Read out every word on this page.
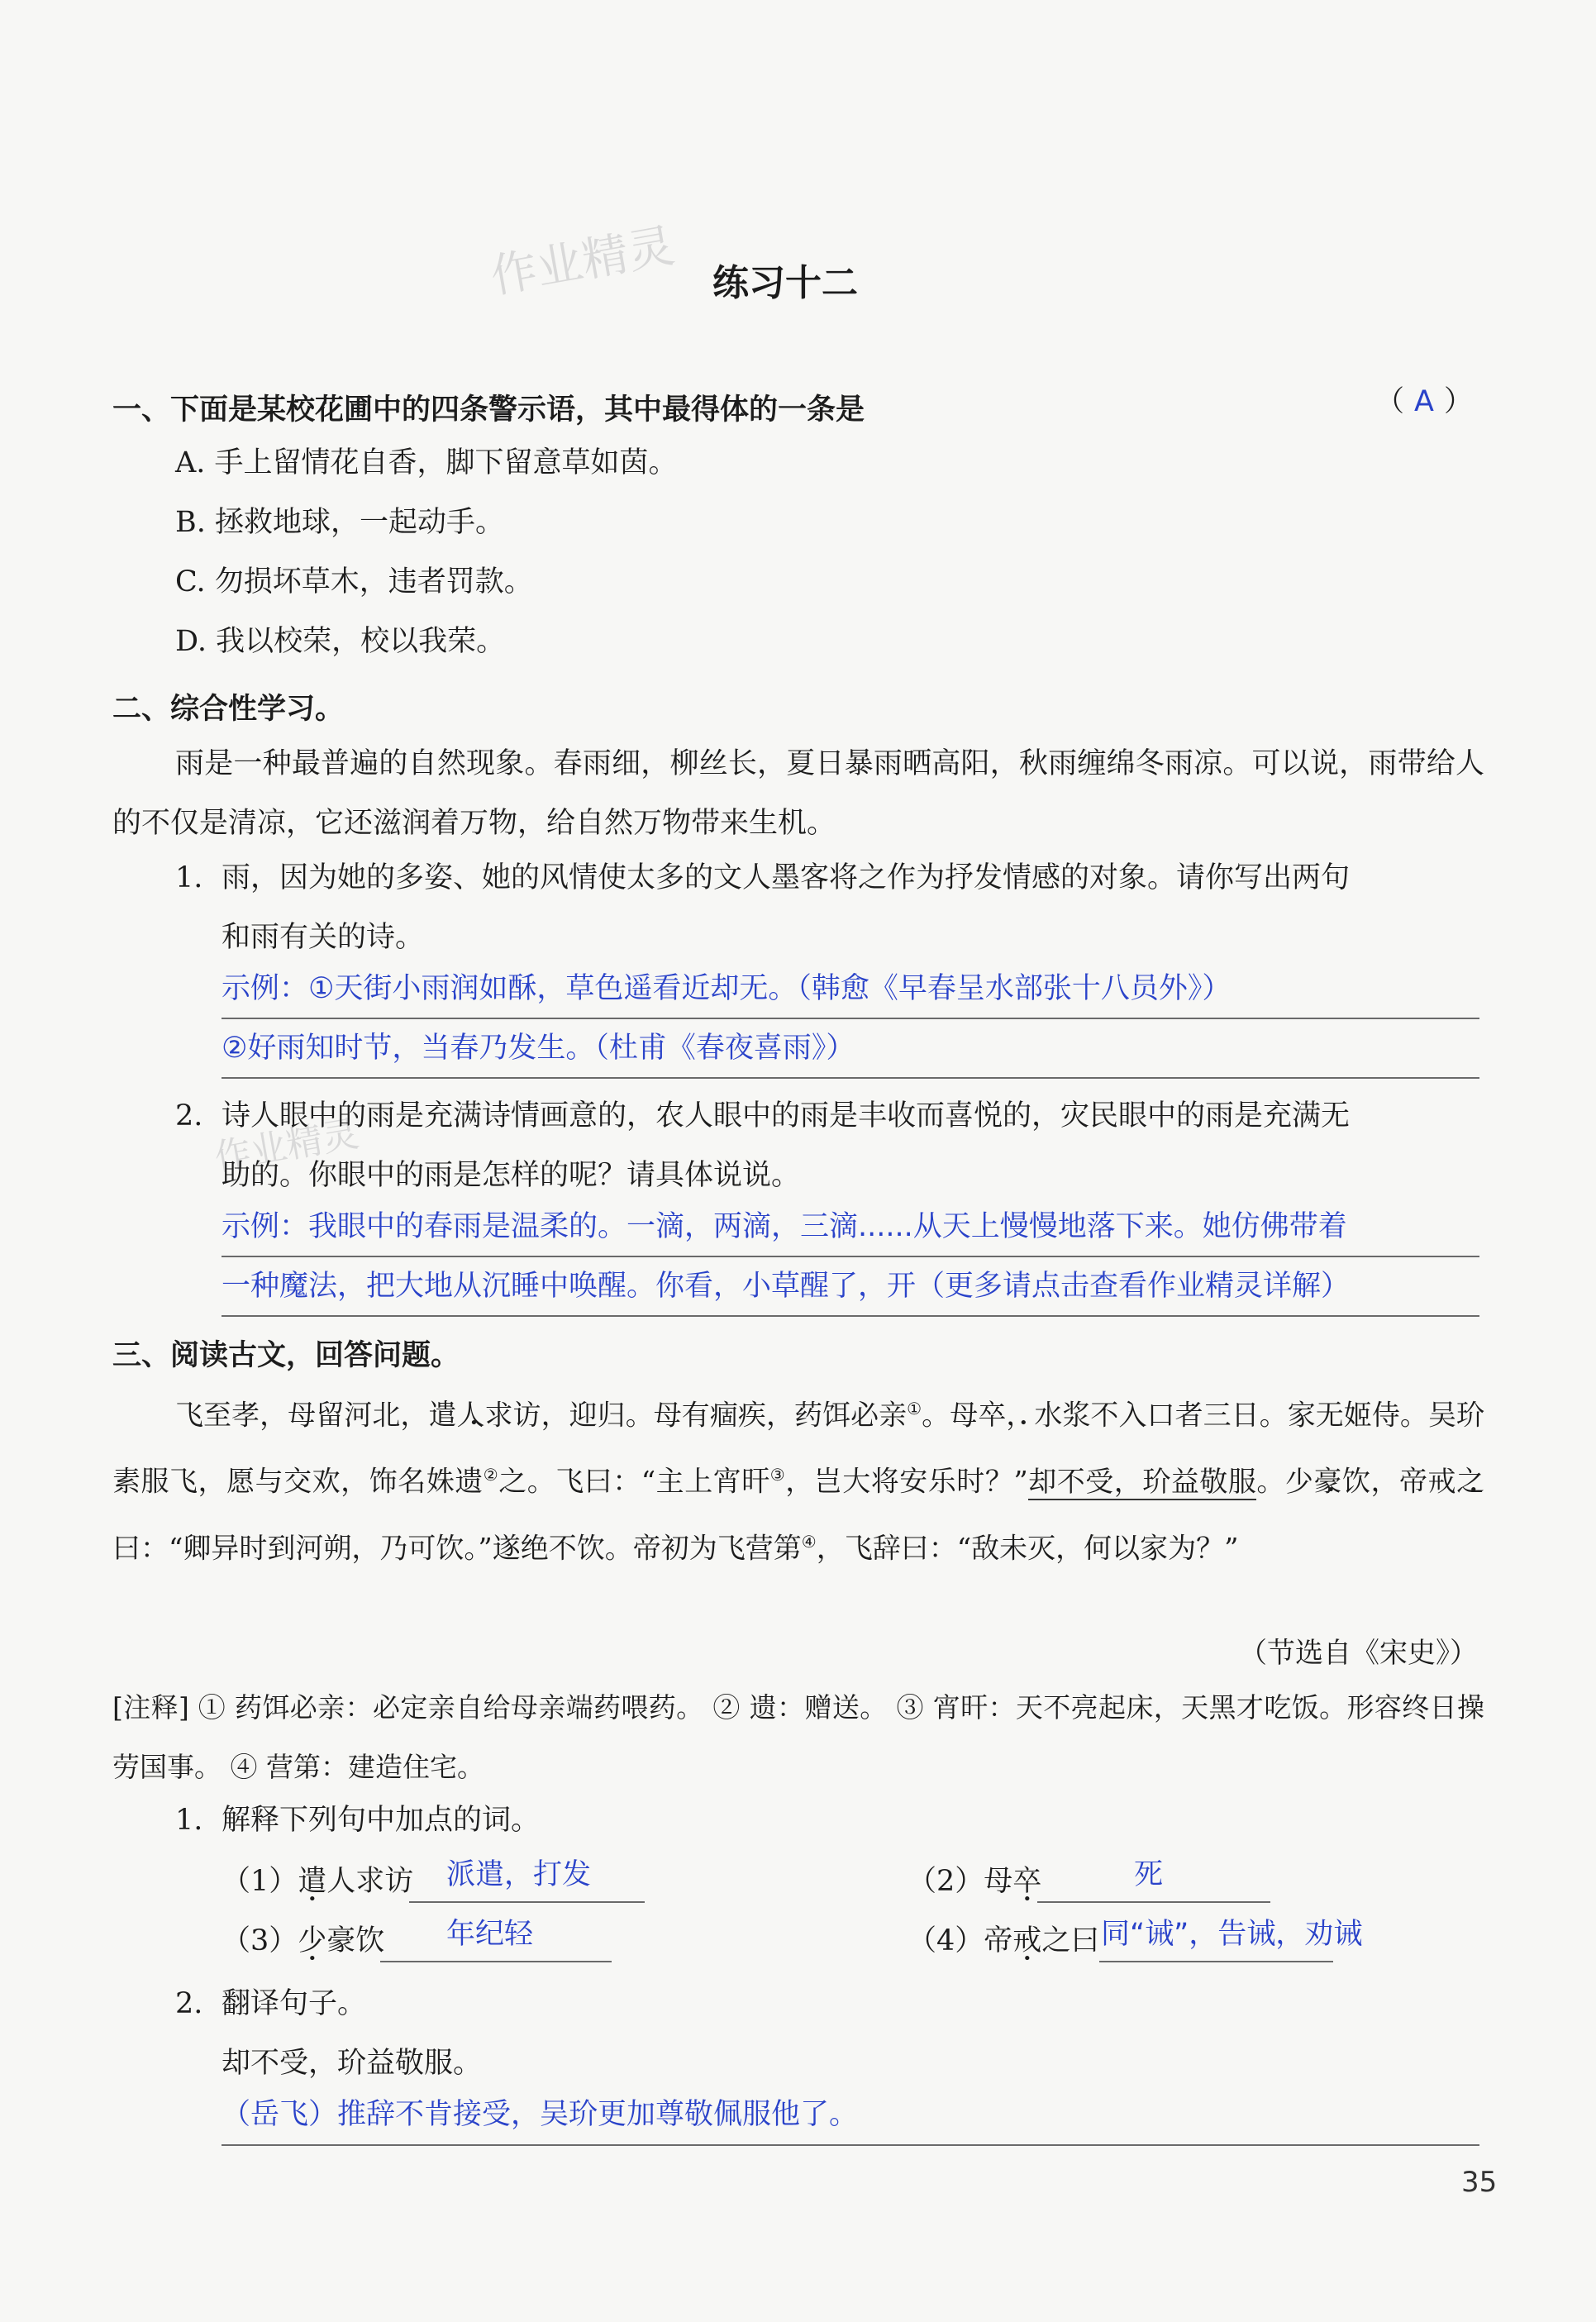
作业精灵
作业精灵
练习十二
一、下面是某校花圃中的四条警示语，其中最得体的一条是	（ A ）
A. 手上留情花自香，脚下留意草如茵。
B. 拯救地球，一起动手。
C. 勿损坏草木，违者罚款。
D. 我以校荣，校以我荣。
二、综合性学习。
雨是一种最普遍的自然现象。春雨细，柳丝长，夏日暴雨晒高阳，秋雨缠绵冬雨凉。可以说，雨带给人的不仅是清凉，它还滋润着万物，给自然万物带来生机。
1. 雨，因为她的多姿、她的风情使太多的文人墨客将之作为抒发情感的对象。请你写出两句
和雨有关的诗。
示例：①天街小雨润如酥，草色遥看近却无。（韩愈《早春呈水部张十八员外》）
②好雨知时节，当春乃发生。（杜甫《春夜喜雨》）
2. 诗人眼中的雨是充满诗情画意的，农人眼中的雨是丰收而喜悦的，灾民眼中的雨是充满无
助的。你眼中的雨是怎样的呢？请具体说说。
示例：我眼中的春雨是温柔的。一滴，两滴，三滴......从天上慢慢地落下来。她仿佛带着
一种魔法，把大地从沉睡中唤醒。你看，小草醒了，开（更多请点击查看作业精灵详解）
三、阅读古文，回答问题。
飞至孝，母留河北，遣人求访，迎归。母有痼疾，药饵必亲①。母卒，水浆不入口者三日。家无姬侍。吴玠素服飞，愿与交欢，饰名姝遗②之。飞曰：“主上宵旰③，岂大将安乐时？”却不受，玠益敬服。少豪饮，帝戒之曰：“卿异时到河朔，乃可饮。”遂绝不饮。帝初为飞营第④，飞辞曰：“敌未灭，何以家为？”
（节选自《宋史》）
[注释] ① 药饵必亲：必定亲自给母亲端药喂药。 ② 遗：赠送。 ③ 宵旰：天不亮起床，天黑才吃饭。形容终日操劳国事。 ④ 营第：建造住宅。
1. 解释下列句中加点的词。
（1）遣人求访 派遣，打发	（2）母卒	死
（3）少豪饮 年纪轻	（4）帝戒之曰 同“诫”，告诫，劝诫
2. 翻译句子。
却不受，玠益敬服。
（岳飞）推辞不肯接受，吴玠更加尊敬佩服他了。
35
